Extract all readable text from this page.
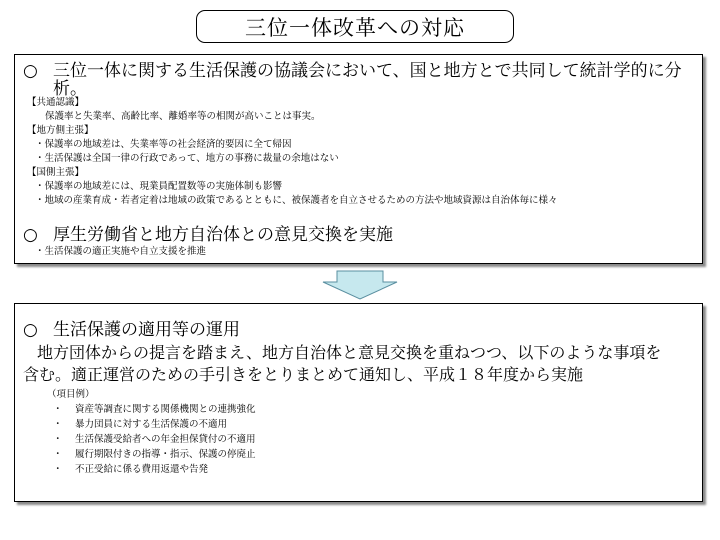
三位一体改革への対応
○ 三位一体に関する生活保護の協議会において、国と地方とで共同して統計学的に分
析。
【共通認識】
保護率と失業率、高齢比率、離婚率等の相関が高いことは事実。
【地方側主張】
・保護率の地域差は、失業率等の社会経済的要因に全て帰因
・生活保護は全国一律の行政であって、地方の事務に裁量の余地はない
【国側主張】
・保護率の地域差には、現業員配置数等の実施体制も影響
・地域の産業育成・若者定着は地域の政策であるとともに、被保護者を自立させるための方法や地域資源は自治体毎に様々
○ 厚生労働省と地方自治体との意見交換を実施
・生活保護の適正実施や自立支援を推進
○ 生活保護の適用等の運用
地方団体からの提言を踏まえ、地方自治体と意見交換を重ねつつ、以下のような事項を
含む。適正運営のための手引きをとりまとめて通知し、平成１８年度から実施
（項目例）
・ 資産等調査に関する関係機関との連携強化
・ 暴力団員に対する生活保護の不適用
・ 生活保護受給者への年金担保貸付の不適用
・ 履行期限付きの指導・指示、保護の停廃止
・ 不正受給に係る費用返還や告発
